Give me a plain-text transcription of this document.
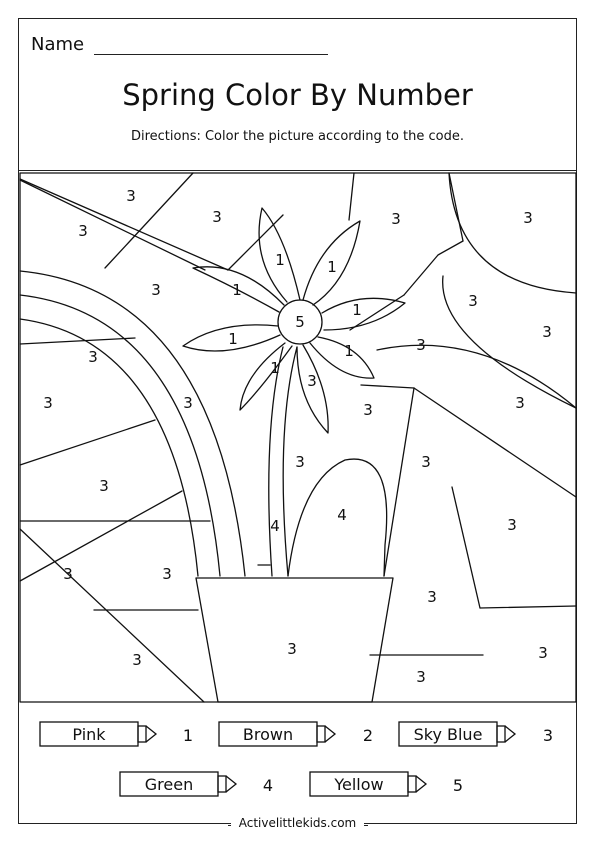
Name
Spring Color By Number
Directions: Color the picture according to the code.
3
3
3	3	3
3
1	1
1
1
1
1
1
5
3
3
3	3	3
3
3
3
3
3
3	3
3
3	3
3
4
4
3
3
3
3
Pink	1	Brown	2	Sky Blue	3
Green	4	Yellow	5
Activelittlekids.com
